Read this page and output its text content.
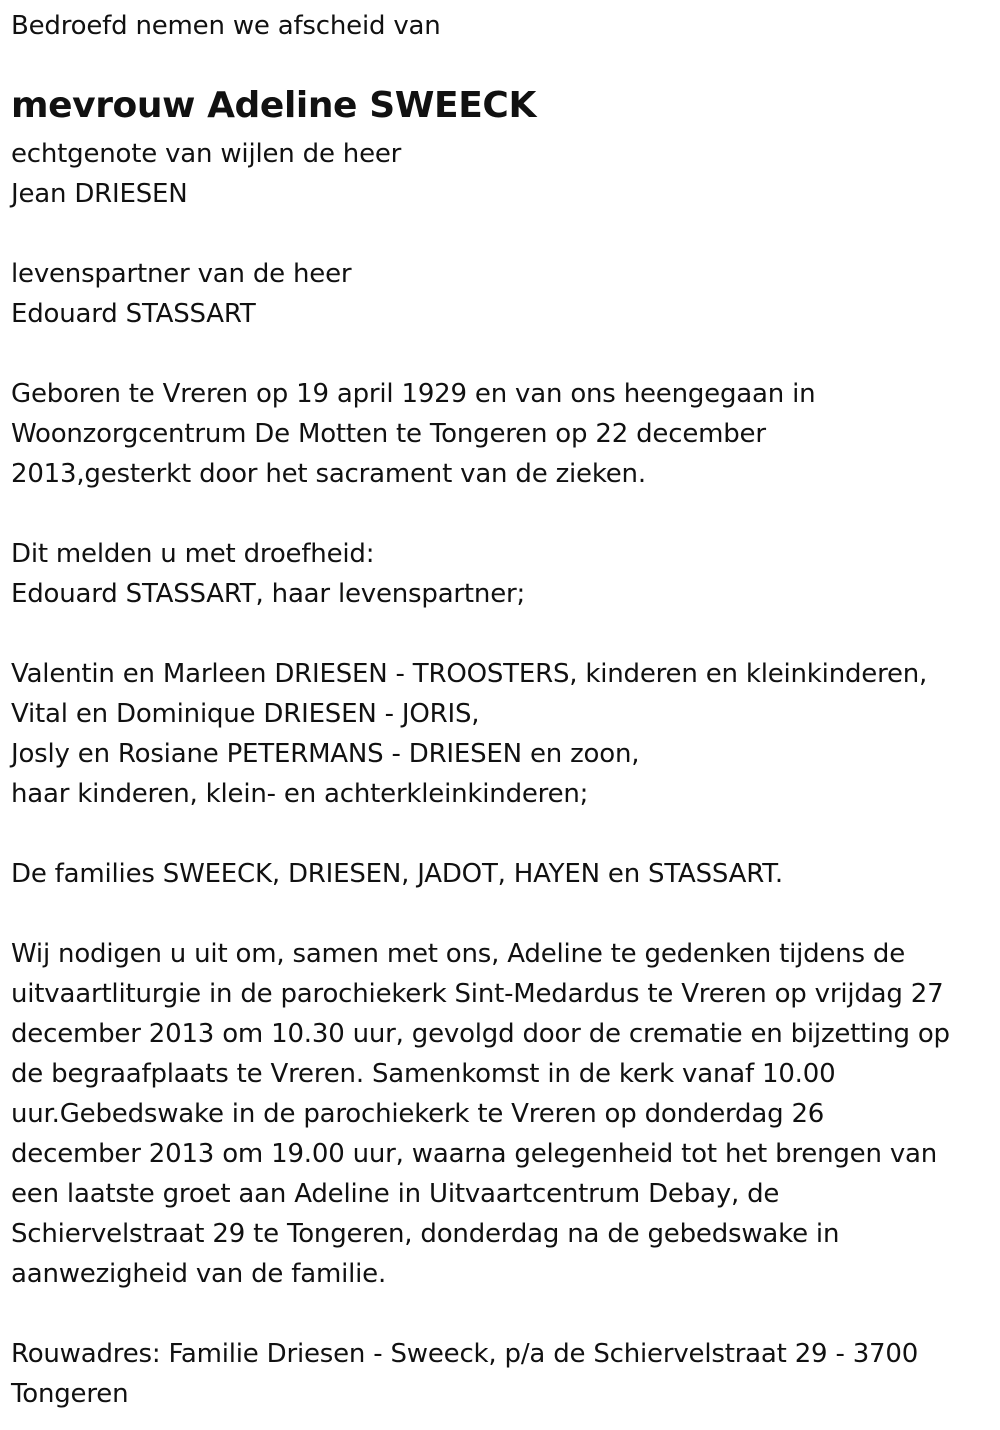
Bedroefd nemen we afscheid van
mevrouw Adeline SWEECK
echtgenote van wijlen de heer
Jean DRIESEN
levenspartner van de heer
Edouard STASSART
Geboren te Vreren op 19 april 1929 en van ons heengegaan in
Woonzorgcentrum De Motten te Tongeren op 22 december
2013,gesterkt door het sacrament van de zieken.
Dit melden u met droefheid:
Edouard STASSART, haar levenspartner;
Valentin en Marleen DRIESEN - TROOSTERS, kinderen en kleinkinderen,
Vital en Dominique DRIESEN - JORIS,
Josly en Rosiane PETERMANS - DRIESEN en zoon,
haar kinderen, klein- en achterkleinkinderen;
De families SWEECK, DRIESEN, JADOT, HAYEN en STASSART.
Wij nodigen u uit om, samen met ons, Adeline te gedenken tijdens de
uitvaartliturgie in de parochiekerk Sint-Medardus te Vreren op vrijdag 27
december 2013 om 10.30 uur, gevolgd door de crematie en bijzetting op
de begraafplaats te Vreren. Samenkomst in de kerk vanaf 10.00
uur.Gebedswake in de parochiekerk te Vreren op donderdag 26
december 2013 om 19.00 uur, waarna gelegenheid tot het brengen van
een laatste groet aan Adeline in Uitvaartcentrum Debay, de
Schiervelstraat 29 te Tongeren, donderdag na de gebedswake in
aanwezigheid van de familie.
Rouwadres: Familie Driesen - Sweeck, p/a de Schiervelstraat 29 - 3700
Tongeren
